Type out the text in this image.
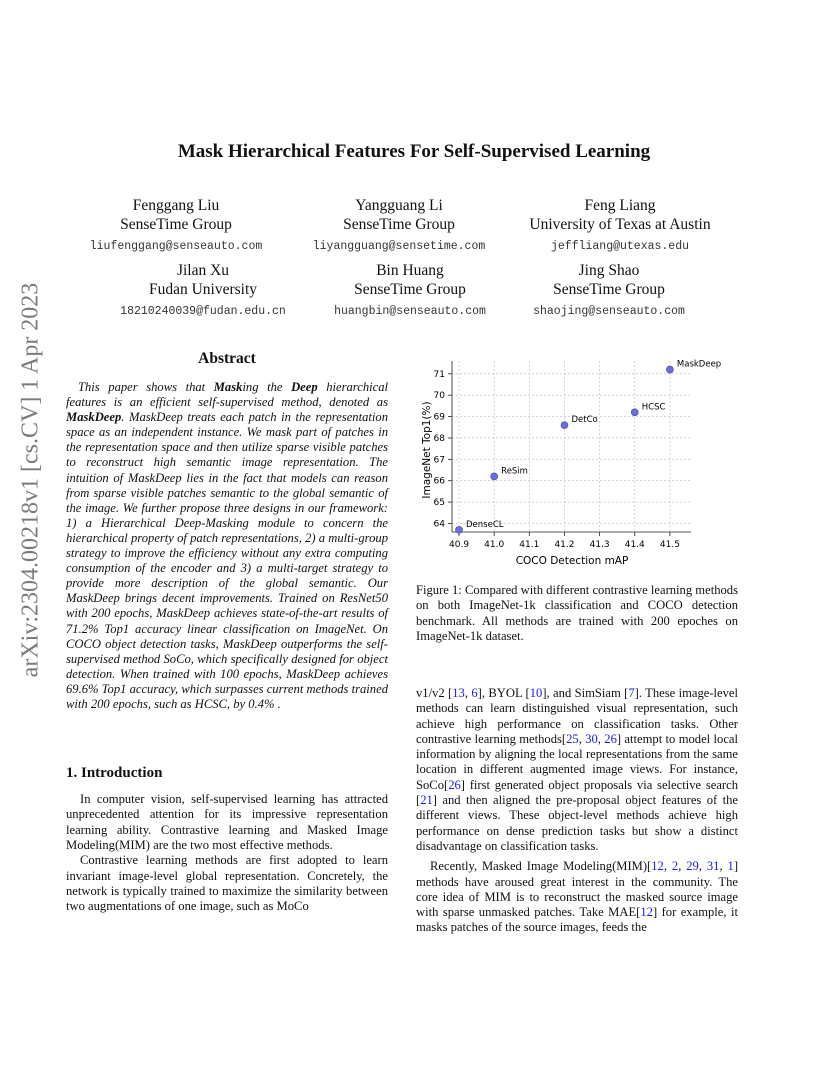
arXiv:2304.00218v1 [cs.CV] 1 Apr 2023
Mask Hierarchical Features For Self-Supervised Learning
Fenggang Liu
SenseTime Group
liufenggang@senseauto.com
Yangguang Li
SenseTime Group
liyangguang@sensetime.com
Feng Liang
University of Texas at Austin
jeffliang@utexas.edu
Jilan Xu
Fudan University
18210240039@fudan.edu.cn
Bin Huang
SenseTime Group
huangbin@senseauto.com
Jing Shao
SenseTime Group
shaojing@senseauto.com
Abstract

This paper shows that Masking the Deep hierarchical features is an efficient self-supervised method, denoted as MaskDeep. MaskDeep treats each patch in the representation space as an independent instance. We mask part of patches in the representation space and then utilize sparse visible patches to reconstruct high semantic image representation. The intuition of MaskDeep lies in the fact that models can reason from sparse visible patches semantic to the global semantic of the image. We further propose three designs in our framework: 1) a Hierarchical Deep-Masking module to concern the hierarchical property of patch representations, 2) a multi-group strategy to improve the efficiency without any extra computing consumption of the encoder and 3) a multi-target strategy to provide more description of the global semantic. Our MaskDeep brings decent improvements. Trained on ResNet50 with 200 epochs, MaskDeep achieves state-of-the-art results of 71.2% Top1 accuracy linear classification on ImageNet. On COCO object detection tasks, MaskDeep outperforms the self-supervised method SoCo, which specifically designed for object detection. When trained with 100 epochs, MaskDeep achieves 69.6% Top1 accuracy, which surpasses current methods trained with 200 epochs, such as HCSC, by 0.4% .

1. Introduction

In computer vision, self-supervised learning has attracted unprecedented attention for its impressive representation learning ability. Contrastive learning and Masked Image Modeling(MIM) are the two most effective methods.

Contrastive learning methods are first adopted to learn invariant image-level global representation. Concretely, the network is typically trained to maximize the similarity between two augmentations of one image, such as MoCo

40.9 41.0 41.1 41.2 41.3 41.4 41.5
64
65
66
67
68
69
70
71
DenseCL
ReSim
DetCo
HCSC
MaskDeep
COCO Detection mAP
ImageNet Top1(%)

Figure 1: Compared with different contrastive learning methods on both ImageNet-1k classification and COCO detection benchmark. All methods are trained with 200 epoches on ImageNet-1k dataset.

v1/v2 [13, 6], BYOL [10], and SimSiam [7]. These image-level methods can learn distinguished visual representation, such achieve high performance on classification tasks. Other contrastive learning methods[25, 30, 26] attempt to model local information by aligning the local representations from the same location in different augmented image views. For instance, SoCo[26] first generated object proposals via selective search [21] and then aligned the pre-proposal object features of the different views. These object-level methods achieve high performance on dense prediction tasks but show a distinct disadvantage on classification tasks.

Recently, Masked Image Modeling(MIM)[12, 2, 29, 31, 1] methods have aroused great interest in the community. The core idea of MIM is to reconstruct the masked source image with sparse unmasked patches. Take MAE[12] for example, it masks patches of the source images, feeds the
